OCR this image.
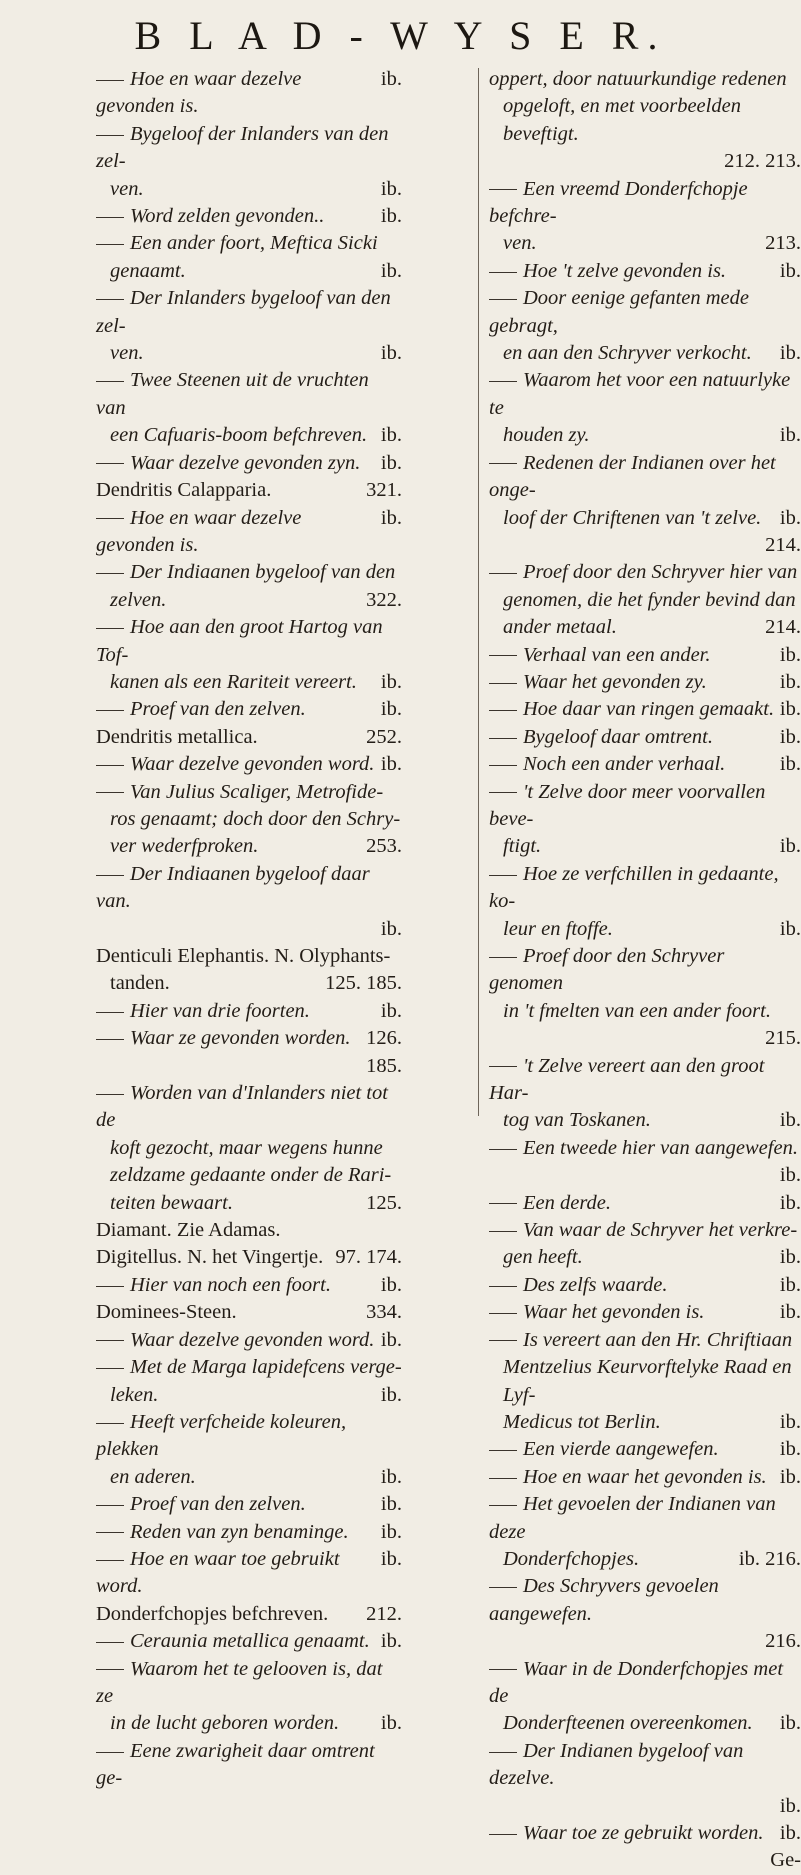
B L A D - W Y S E R.
ib.
Hoe en waar dezelve gevonden is.
Bygeloof der Inlanders van den zel-
ib.
ven.
ib.
Word zelden gevonden..
Een ander foort, Meftica Sicki
ib.
genaamt.
Der Inlanders bygeloof van den zel-
ib.
ven.
Twee Steenen uit de vruchten van
ib.
een Cafuaris-boom befchreven.
ib.
Waar dezelve gevonden zyn.
321.
Dendritis Calapparia.
ib.
Hoe en waar dezelve gevonden is.
Der Indiaanen bygeloof van den
322.
zelven.
Hoe aan den groot Hartog van Tof-
ib.
kanen als een Rariteit vereert.
ib.
Proef van den zelven.
252.
Dendritis metallica.
ib.
Waar dezelve gevonden word.
Van Julius Scaliger, Metrofide-
ros genaamt; doch door den Schry-
253.
ver wederfproken.
Der Indiaanen bygeloof daar van.
ib.
Denticuli Elephantis. N. Olyphants-
125. 185.
tanden.
ib.
Hier van drie foorten.
126.
Waar ze gevonden worden.
185.
Worden van d'Inlanders niet tot de
koft gezocht, maar wegens hunne
zeldzame gedaante onder de Rari-
125.
teiten bewaart.
Diamant. Zie Adamas.
97. 174.
Digitellus. N. het Vingertje.
ib.
Hier van noch een foort.
334.
Dominees-Steen.
ib.
Waar dezelve gevonden word.
Met de Marga lapidefcens verge-
ib.
leken.
Heeft verfcheide koleuren, plekken
ib.
en aderen.
ib.
Proef van den zelven.
ib.
Reden van zyn benaminge.
ib.
Hoe en waar toe gebruikt word.
212.
Donderfchopjes befchreven.
ib.
Ceraunia metallica genaamt.
Waarom het te gelooven is, dat ze
ib.
in de lucht geboren worden.
Eene zwarigheit daar omtrent ge-
oppert, door natuurkundige redenen
opgeloft, en met voorbeelden beveftigt.
212. 213.
Een vreemd Donderfchopje befchre-
213.
ven.
ib.
Hoe 't zelve gevonden is.
Door eenige gefanten mede gebragt,
ib.
en aan den Schryver verkocht.
Waarom het voor een natuurlyke te
ib.
houden zy.
Redenen der Indianen over het onge-
ib.
loof der Chriftenen van 't zelve.
214.
Proef door den Schryver hier van
genomen, die het fynder bevind dan
214.
ander metaal.
ib.
Verhaal van een ander.
ib.
Waar het gevonden zy.
ib.
Hoe daar van ringen gemaakt.
ib.
Bygeloof daar omtrent.
ib.
Noch een ander verhaal.
't Zelve door meer voorvallen beve-
ib.
ftigt.
Hoe ze verfchillen in gedaante, ko-
ib.
leur en ftoffe.
Proef door den Schryver genomen
in 't fmelten van een ander foort.
215.
't Zelve vereert aan den groot Har-
ib.
tog van Toskanen.
Een tweede hier van aangewefen.
ib.
ib.
Een derde.
Van waar de Schryver het verkre-
ib.
gen heeft.
ib.
Des zelfs waarde.
ib.
Waar het gevonden is.
Is vereert aan den Hr. Chriftiaan
Mentzelius Keurvorftelyke Raad en Lyf-
ib.
Medicus tot Berlin.
ib.
Een vierde aangewefen.
ib.
Hoe en waar het gevonden is.
Het gevoelen der Indianen van deze
ib. 216.
Donderfchopjes.
Des Schryvers gevoelen aangewefen.
216.
Waar in de Donderfchopjes met de
ib.
Donderfteenen overeenkomen.
Der Indianen bygeloof van dezelve.
ib.
ib.
Waar toe ze gebruikt worden.
Ge-
